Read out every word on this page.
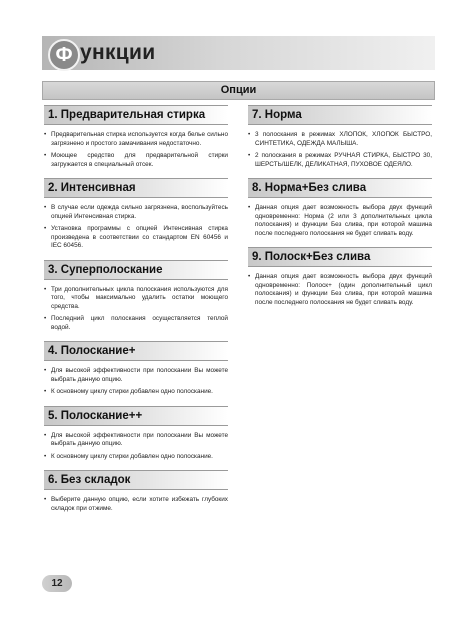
Ф ункции
Опции
1. Предварительная стирка
• Предварительная стирка используется когда белье сильно загрязнено и простого замачивания недостаточно.
• Моющее средство для предварительной стирки загружается в специальный отсек.
2. Интенсивная
• В случае если одежда сильно загрязнена, воспользуйтесь опцией Интенсивная стирка.
• Установка программы с опцией Интенсивная стирка произведена в соответствии со стандартом EN 60456 и IEC 60456.
3. Суперполоскание
• Три дополнительных цикла полоскания используются для того, чтобы максимально удалить остатки моющего средства.
• Последний цикл полоскания осуществляется теплой водой.
4. Полоскание+
• Для высокой эффективности при полоскании Вы можете выбрать данную опцию.
• К основному циклу стирки добавлен одно полоскание.
5. Полоскание++
• Для высокой эффективности при полоскании Вы можете выбрать данную опцию.
• К основному циклу стирки добавлен одно полоскание.
6. Без складок
• Выберите данную опцию, если хотите избежать глубоких складок при отжиме.
7. Норма
• 3 полоскания в режимах ХЛОПОК, ХЛОПОК БЫСТРО, СИНТЕТИКА, ОДЕЖДА МАЛЫША.
• 2 полоскания в режимах РУЧНАЯ СТИРКА, БЫСТРО 30, ШЕРСТЬ/ШЕЛК, ДЕЛИКАТНАЯ, ПУХОВОЕ ОДЕЯЛО.
8. Норма+Без слива
• Данная опция дает возможность выбора двух функций одновременно: Норма (2 или 3 дополнительных цикла полоскания) и функции Без слива, при которой машина после последнего полоскания не будет сливать воду.
9. Полоск+Без слива
• Данная опция дает возможность выбора двух функций одновременно: Полоск+ (один дополнительный цикл полоскания) и функции Без слива, при которой машина после последнего полоскания не будет сливать воду.
12
